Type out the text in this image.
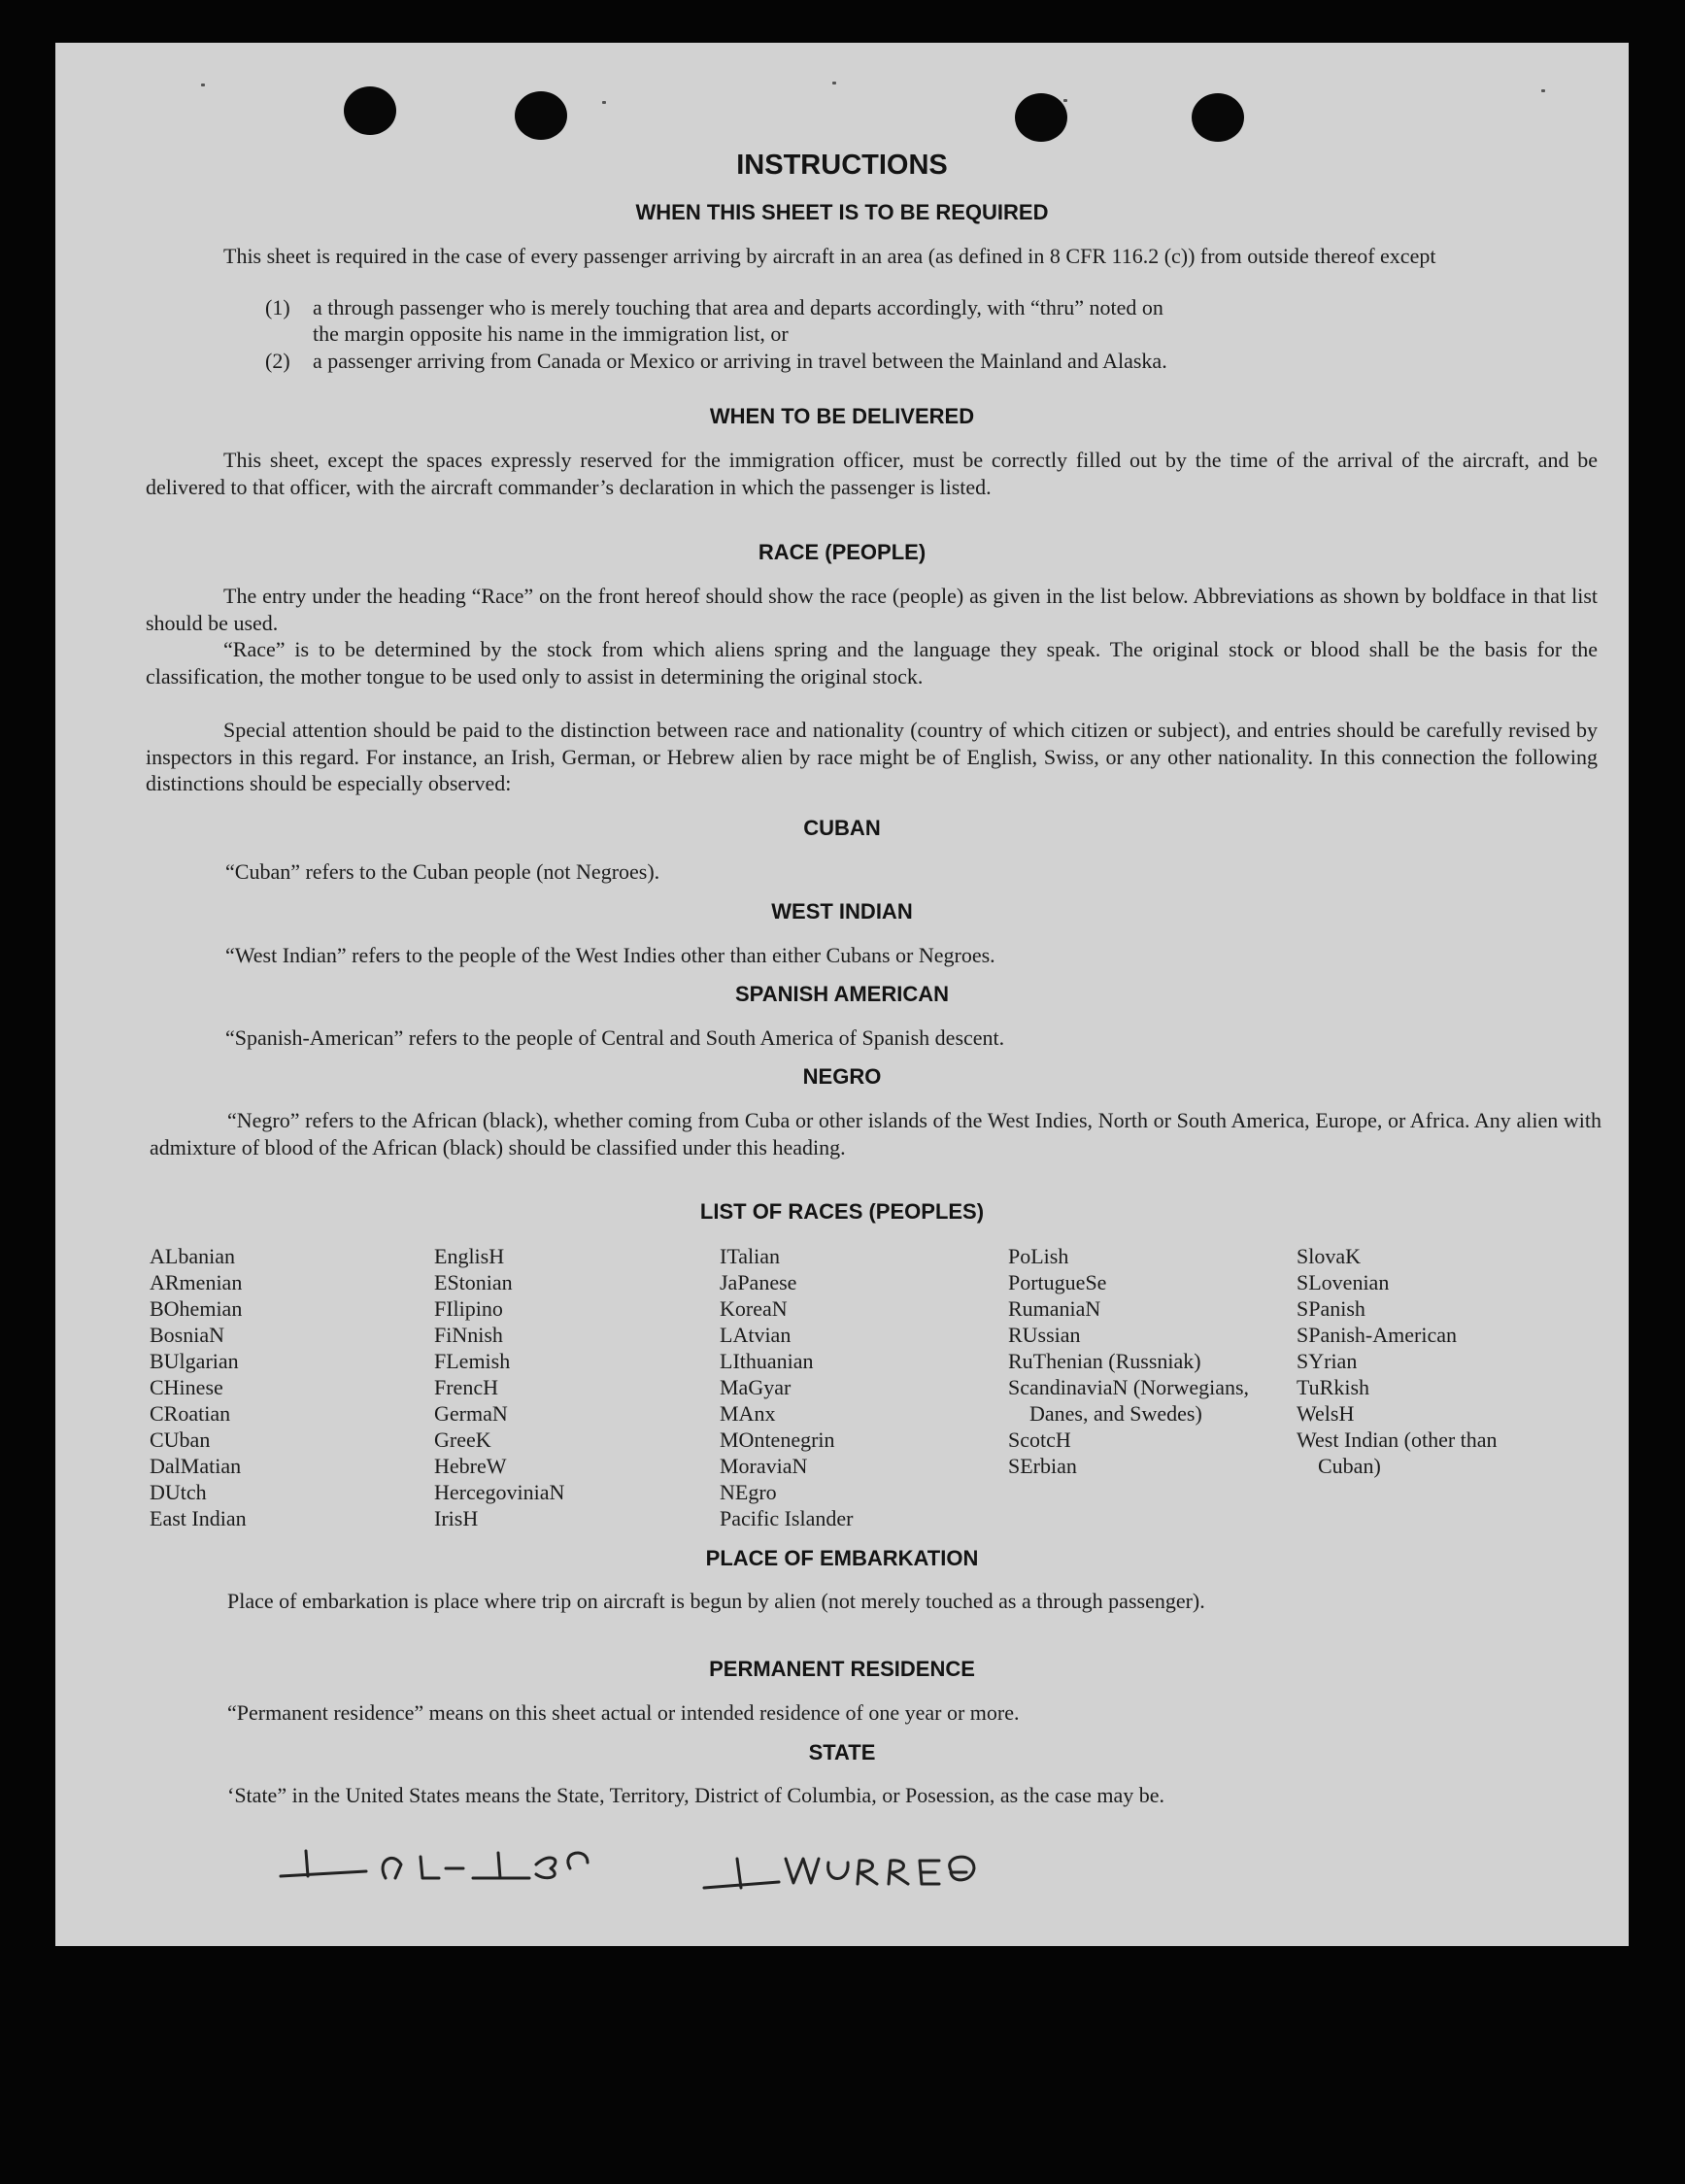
INSTRUCTIONS
WHEN THIS SHEET IS TO BE REQUIRED

This sheet is required in the case of every passenger arriving by aircraft in an area (as defined in 8 CFR 116.2 (c)) from outside thereof except

(1) a through passenger who is merely touching that area and departs accordingly, with “thru” noted on
the margin opposite his name in the immigration list, or
(2) a passenger arriving from Canada or Mexico or arriving in travel between the Mainland and Alaska.
WHEN TO BE DELIVERED

This sheet, except the spaces expressly reserved for the immigration officer, must be correctly filled out by the time of the arrival of the aircraft, and be delivered to that officer, with the aircraft commander’s declaration in which the passenger is listed.

RACE (PEOPLE)

The entry under the heading “Race” on the front hereof should show the race (people) as given in the list below. Abbreviations as shown by boldface in that list should be used.

“Race” is to be determined by the stock from which aliens spring and the language they speak. The original stock or blood shall be the basis for the classification, the mother tongue to be used only to assist in determining the original stock.

Special attention should be paid to the distinction between race and nationality (country of which citizen or subject), and entries should be carefully revised by inspectors in this regard. For instance, an Irish, German, or Hebrew alien by race might be of English, Swiss, or any other nationality. In this connection the following distinctions should be especially observed:

CUBAN
“Cuban” refers to the Cuban people (not Negroes).
WEST INDIAN
“West Indian” refers to the people of the West Indies other than either Cubans or Negroes.
SPANISH AMERICAN
“Spanish-American” refers to the people of Central and South America of Spanish descent.
NEGRO

“Negro” refers to the African (black), whether coming from Cuba or other islands of the West Indies, North or South America, Europe, or Africa. Any alien with admixture of blood of the African (black) should be classified under this heading.

LIST OF RACES (PEOPLES)
ALbanian
ARmenian
BOhemian
BosniaN
BUlgarian
CHinese
CRoatian
CUban
DalMatian
DUtch
East Indian
EnglisH
EStonian
FIlipino
FiNnish
FLemish
FrencH
GermaN
GreeK
HebreW
HercegoviniaN
IrisH
ITalian
JaPanese
KoreaN
LAtvian
LIthuanian
MaGyar
MAnx
MOntenegrin
MoraviaN
NEgro
Pacific Islander
PoLish
PortugueSe
RumaniaN
RUssian
RuThenian (Russniak)
ScandinaviaN (Norwegians, Danes, and Swedes)
ScotcH
SErbian
SlovaK
SLovenian
SPanish
SPanish-American
SYrian
TuRkish
WelsH
West Indian (other than Cuban)
PLACE OF EMBARKATION

Place of embarkation is place where trip on aircraft is begun by alien (not merely touched as a through passenger).

PERMANENT RESIDENCE
“Permanent residence” means on this sheet actual or intended residence of one year or more.
STATE

‘State” in the United States means the State, Territory, District of Columbia, or Posession, as the case may be.
